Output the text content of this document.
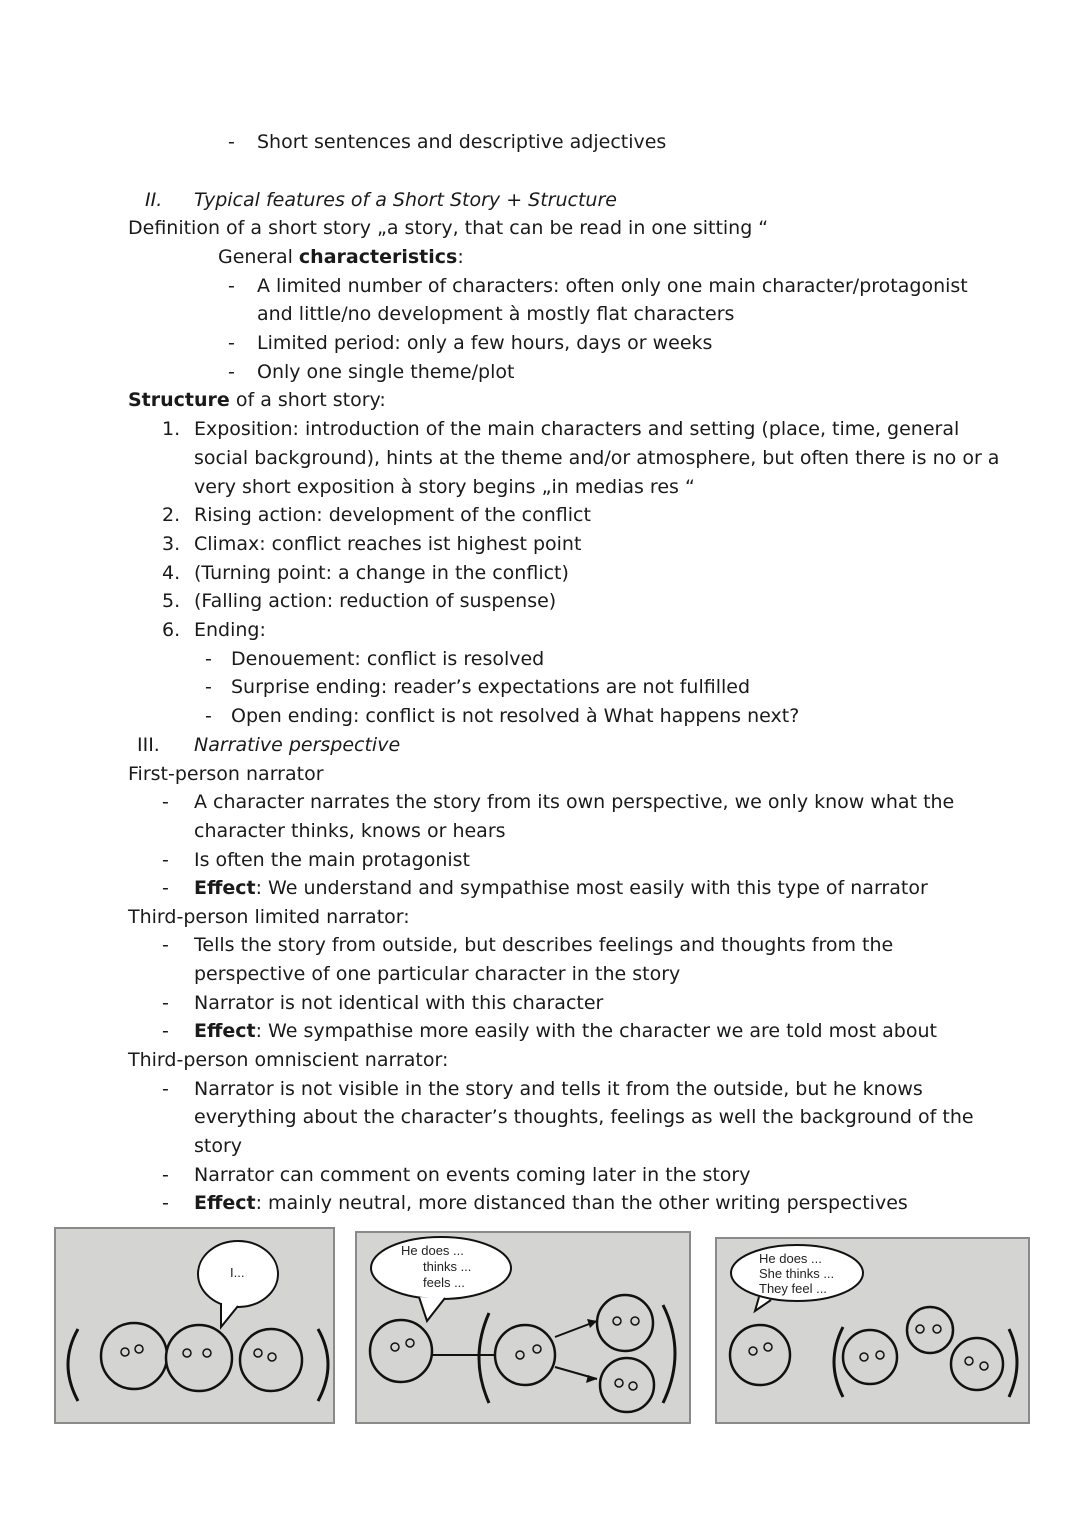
- Short sentences and descriptive adjectives
II. Typical features of a Short Story + Structure
Definition of a short story „a story, that can be read in one sitting “
General characteristics:
- A limited number of characters: often only one main character/protagonist
and little/no development à mostly flat characters
- Limited period: only a few hours, days or weeks
- Only one single theme/plot
Structure of a short story:
1. Exposition: introduction of the main characters and setting (place, time, general
social background), hints at the theme and/or atmosphere, but often there is no or a
very short exposition à story begins „in medias res “
2. Rising action: development of the conflict
3. Climax: conflict reaches ist highest point
4. (Turning point: a change in the conflict)
5. (Falling action: reduction of suspense)
6. Ending:
- Denouement: conflict is resolved
- Surprise ending: reader’s expectations are not fulfilled
- Open ending: conflict is not resolved à What happens next?
III. Narrative perspective
First-person narrator
- A character narrates the story from its own perspective, we only know what the
character thinks, knows or hears
- Is often the main protagonist
- Effect: We understand and sympathise most easily with this type of narrator
Third-person limited narrator:
- Tells the story from outside, but describes feelings and thoughts from the
perspective of one particular character in the story
- Narrator is not identical with this character
- Effect: We sympathise more easily with the character we are told most about
Third-person omniscient narrator:
- Narrator is not visible in the story and tells it from the outside, but he knows
everything about the character’s thoughts, feelings as well the background of the
story
- Narrator can comment on events coming later in the story
- Effect: mainly neutral, more distanced than the other writing perspectives
I...
He does ...
thinks ...
feels ...
He does ...
She thinks ...
They feel ...
